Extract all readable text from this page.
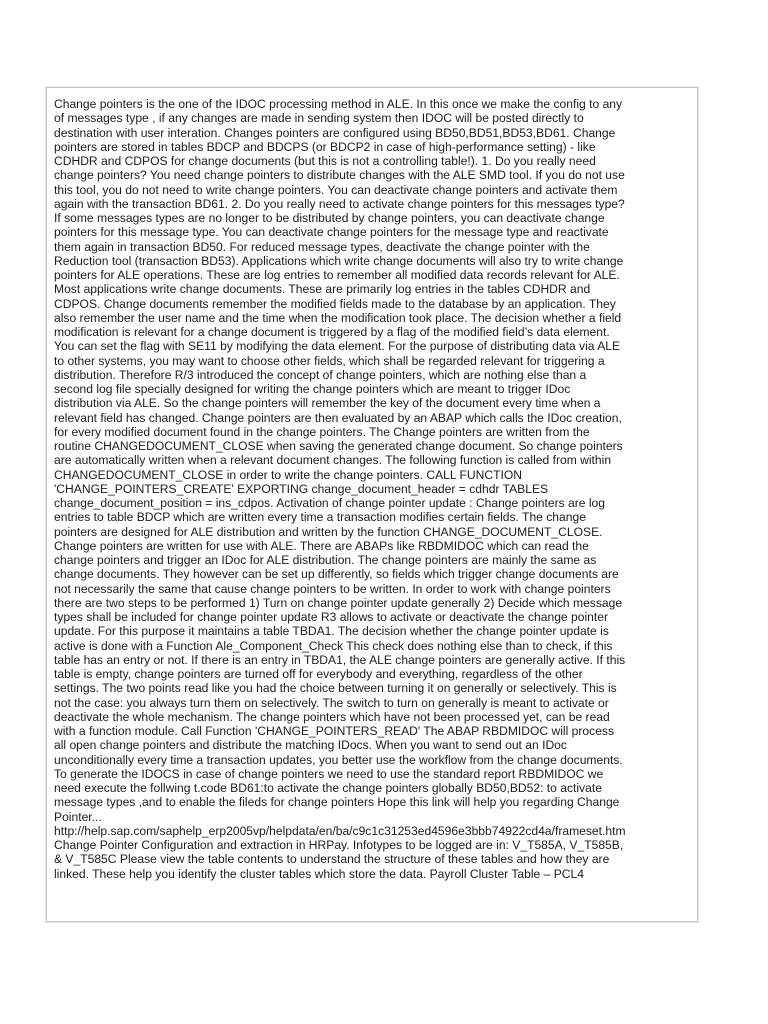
Change pointers is the one of the IDOC processing method in ALE. In this once we make the config to any
of messages type , if any changes are made in sending system then IDOC will be posted directly to
destination with user interation. Changes pointers are configured using BD50,BD51,BD53,BD61. Change
pointers are stored in tables BDCP and BDCPS (or BDCP2 in case of high-performance setting) - like
CDHDR and CDPOS for change documents (but this is not a controlling table!). 1. Do you really need
change pointers? You need change pointers to distribute changes with the ALE SMD tool. If you do not use
this tool, you do not need to write change pointers. You can deactivate change pointers and activate them
again with the transaction BD61. 2. Do you really need to activate change pointers for this messages type?
If some messages types are no longer to be distributed by change pointers, you can deactivate change
pointers for this message type. You can deactivate change pointers for the message type and reactivate
them again in transaction BD50. For reduced message types, deactivate the change pointer with the
Reduction tool (transaction BD53). Applications which write change documents will also try to write change
pointers for ALE operations. These are log entries to remember all modified data records relevant for ALE.
Most applications write change documents. These are primarily log entries in the tables CDHDR and
CDPOS. Change documents remember the modified fields made to the database by an application. They
also remember the user name and the time when the modification took place. The decision whether a field
modification is relevant for a change document is triggered by a flag of the modified field’s data element.
You can set the flag with SE11 by modifying the data element. For the purpose of distributing data via ALE
to other systems, you may want to choose other fields, which shall be regarded relevant for triggering a
distribution. Therefore R/3 introduced the concept of change pointers, which are nothing else than a
second log file specially designed for writing the change pointers which are meant to trigger IDoc
distribution via ALE. So the change pointers will remember the key of the document every time when a
relevant field has changed. Change pointers are then evaluated by an ABAP which calls the IDoc creation,
for every modified document found in the change pointers. The Change pointers are written from the
routine CHANGEDOCUMENT_CLOSE when saving the generated change document. So change pointers
are automatically written when a relevant document changes. The following function is called from within
CHANGEDOCUMENT_CLOSE in order to write the change pointers. CALL FUNCTION
'CHANGE_POINTERS_CREATE' EXPORTING change_document_header = cdhdr TABLES
change_document_position = ins_cdpos. Activation of change pointer update : Change pointers are log
entries to table BDCP which are written every time a transaction modifies certain fields. The change
pointers are designed for ALE distribution and written by the function CHANGE_DOCUMENT_CLOSE.
Change pointers are written for use with ALE. There are ABAPs like RBDMIDOC which can read the
change pointers and trigger an IDoc for ALE distribution. The change pointers are mainly the same as
change documents. They however can be set up differently, so fields which trigger change documents are
not necessarily the same that cause change pointers to be written. In order to work with change pointers
there are two steps to be performed 1) Turn on change pointer update generally 2) Decide which message
types shall be included for change pointer update R3 allows to activate or deactivate the change pointer
update. For this purpose it maintains a table TBDA1. The decision whether the change pointer update is
active is done with a Function Ale_Component_Check This check does nothing else than to check, if this
table has an entry or not. If there is an entry in TBDA1, the ALE change pointers are generally active. If this
table is empty, change pointers are turned off for everybody and everything, regardless of the other
settings. The two points read like you had the choice between turning it on generally or selectively. This is
not the case: you always turn them on selectively. The switch to turn on generally is meant to activate or
deactivate the whole mechanism. The change pointers which have not been processed yet, can be read
with a function module. Call Function 'CHANGE_POINTERS_READ' The ABAP RBDMIDOC will process
all open change pointers and distribute the matching IDocs. When you want to send out an IDoc
unconditionally every time a transaction updates, you better use the workflow from the change documents.
To generate the IDOCS in case of change pointers we need to use the standard report RBDMIDOC we
need execute the follwing t.code BD61:to activate the change pointers globally BD50,BD52: to activate
message types ,and to enable the fileds for change pointers Hope this link will help you regarding Change
Pointer...
http://help.sap.com/saphelp_erp2005vp/helpdata/en/ba/c9c1c31253ed4596e3bbb74922cd4a/frameset.htm
Change Pointer Configuration and extraction in HRPay. Infotypes to be logged are in: V_T585A, V_T585B,
& V_T585C Please view the table contents to understand the structure of these tables and how they are
linked. These help you identify the cluster tables which store the data. Payroll Cluster Table – PCL4
